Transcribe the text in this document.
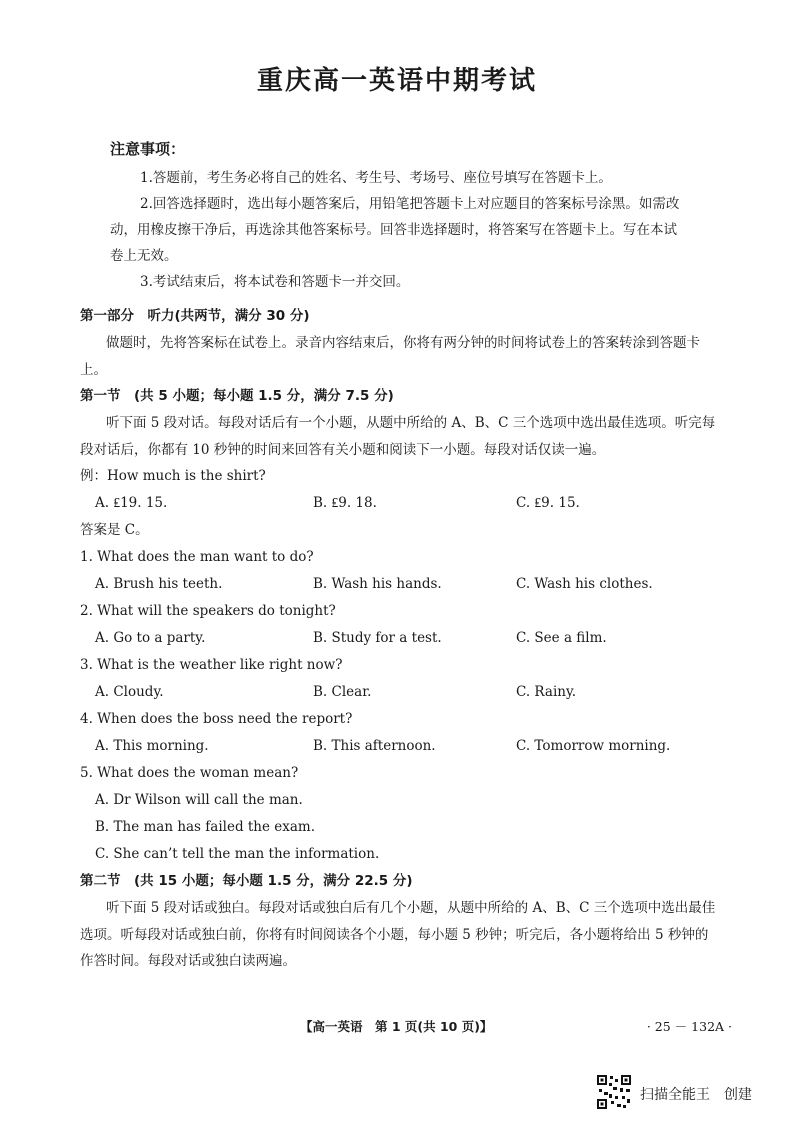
重庆高一英语中期考试
注意事项：

1.答题前，考生务必将自己的姓名、考生号、考场号、座位号填写在答题卡上。

2.回答选择题时，选出每小题答案后，用铅笔把答题卡上对应题目的答案标号涂黑。如需改动，用橡皮擦干净后，再选涂其他答案标号。回答非选择题时，将答案写在答题卡上。写在本试卷上无效。

3.考试结束后，将本试卷和答题卡一并交回。

第一部分　听力(共两节，满分 30 分)

做题时，先将答案标在试卷上。录音内容结束后，你将有两分钟的时间将试卷上的答案转涂到答题卡上。

第一节　(共 5 小题；每小题 1.5 分，满分 7.5 分)

听下面 5 段对话。每段对话后有一个小题，从题中所给的 A、B、C 三个选项中选出最佳选项。听完每段对话后，你都有 10 秒钟的时间来回答有关小题和阅读下一小题。每段对话仅读一遍。

例：How much is the shirt?

A. ₤19. 15.	B. ₤9. 18.	C. ₤9. 15.

答案是 C。

1. What does the man want to do?

A. Brush his teeth.	B. Wash his hands.	C. Wash his clothes.

2. What will the speakers do tonight?

A. Go to a party.	B. Study for a test.	C. See a film.

3. What is the weather like right now?

A. Cloudy.	B. Clear.	C. Rainy.

4. When does the boss need the report?

A. This morning.	B. This afternoon.	C. Tomorrow morning.

5. What does the woman mean?

A. Dr Wilson will call the man.
B. The man has failed the exam.
C. She can’t tell the man the information.

第二节　(共 15 小题；每小题 1.5 分，满分 22.5 分)

听下面 5 段对话或独白。每段对话或独白后有几个小题，从题中所给的 A、B、C 三个选项中选出最佳选项。听每段对话或独白前，你将有时间阅读各个小题，每小题 5 秒钟；听完后，各小题将给出 5 秒钟的作答时间。每段对话或独白读两遍。

【高一英语　第 1 页(共 10 页)】	· 25 － 132A ·
扫描全能王　创建
